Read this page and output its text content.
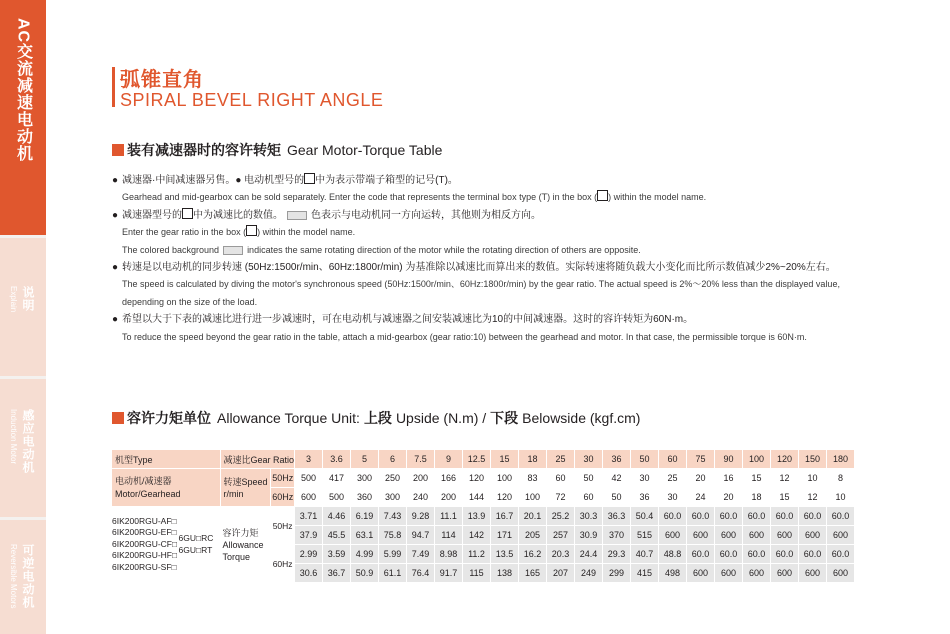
AC交流减速电动机
说明
Explain
感应电动机
Induction Motor
可逆电动机
Reversible Motors
弧锥直角
SPIRAL BEVEL RIGHT ANGLE
装有减速器时的容许转矩 Gear Motor-Torque Table
● 减速器·中间减速器另售。● 电动机型号的 中为表示带端子箱型的记号(T)。
Gearhead and mid-gearbox can be sold separately. Enter the code that represents the terminal box type (T) in the box ( ) within the model name.
● 减速器型号的 中为减速比的数值。	色表示与电动机同一方向运转，其他则为相反方向。
Enter the gear ratio in the box ( ) within the model name.
The colored background	indicates the same rotating direction of the motor while the rotating direction of others are opposite.
● 转速是以电动机的同步转速 (50Hz:1500r/min、60Hz:1800r/min) 为基准除以减速比而算出来的数值。实际转速将随负载大小变化而比所示数值减少2%~20%左右。
The speed is calculated by diving the motor's synchronous speed (50Hz:1500r/min、60Hz:1800r/min) by the gear ratio. The actual speed is 2%～20% less than the displayed value,
depending on the size of the load.
● 希望以大于下表的减速比进行进一步减速时，可在电动机与减速器之间安装减速比为10的中间减速器。这时的容许转矩为60N·m。
To reduce the speed beyond the gear ratio in the table, attach a mid-gearbox (gear ratio:10) between the gearhead and motor. In that case, the permissible torque is 60N·m.
容许力矩单位 Allowance Torque Unit: 上段 Upside (N.m) / 下段 Belowside (kgf.cm)
机型Type		减速比Gear Ratio		3	3.6	5	6	7.5	9	12.5	15	18	25	30	36	50	60	75	90	100	120	150	180

电动机/减速器
Motor/Gearhead		转速Speed r/min	50Hz	500	417	300	250	200	166	120	100	83	60	50	42	30	25	20	16	15	12	10	8
			60Hz	600	500	360	300	240	200	144	120	100	72	60	50	36	30	24	20	18	15	12	10
6IK200RGU-AF□
6IK200RGU-EF□
6IK200RGU-CF□
6IK200RGU-HF□
6IK200RGU-SF□	6GU□RC
6GU□RT	容许力矩 Allowance Torque	50Hz	3.71	4.46	6.19	7.43	9.28	11.1	13.9	16.7	20.1	25.2	30.3	36.3	50.4	60.0	60.0	60.0	60.0	60.0	60.0	60.0
				37.9	45.5	63.1	75.8	94.7	114	142	171	205	257	30.9	370	515	600	600	600	600	600	600	600
			60Hz	2.99	3.59	4.99	5.99	7.49	8.98	11.2	13.5	16.2	20.3	24.4	29.3	40.7	48.8	60.0	60.0	60.0	60.0	60.0	60.0
				30.6	36.7	50.9	61.1	76.4	91.7	115	138	165	207	249	299	415	498	600	600	600	600	600	600
